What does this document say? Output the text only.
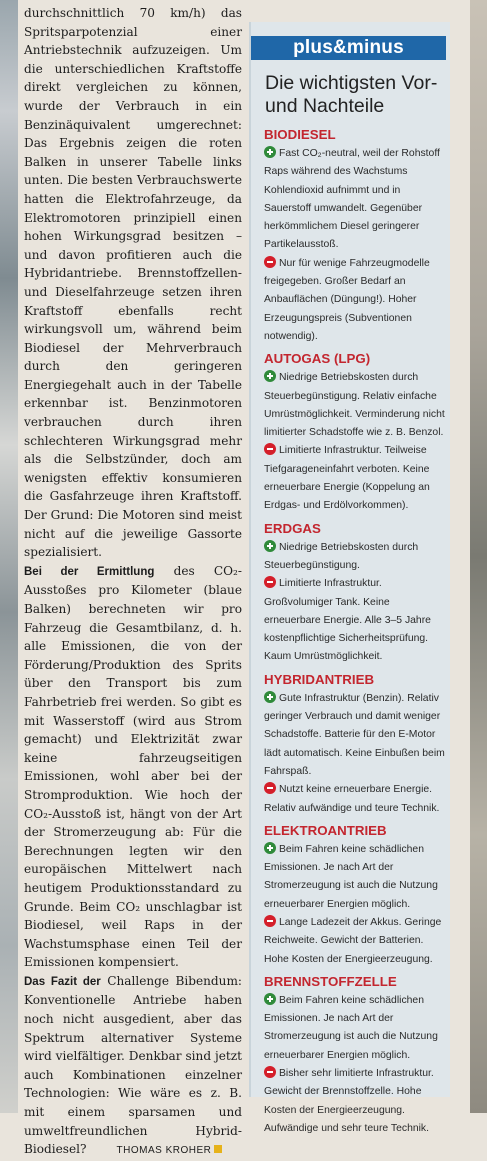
durchschnittlich 70 km/h) das Spritsparpotenzial einer Antriebstechnik aufzuzeigen. Um die unterschiedlichen Kraftstoffe direkt vergleichen zu können, wurde der Verbrauch in ein Benzinäquivalent umgerechnet: Das Ergebnis zeigen die roten Balken in unserer Tabelle links unten. Die besten Verbrauchswerte hatten die Elektrofahrzeuge, da Elektromotoren prinzipiell einen hohen Wirkungsgrad besitzen – und davon profitieren auch die Hybridantriebe. Brennstoffzellen- und Dieselfahrzeuge setzen ihren Kraftstoff ebenfalls recht wirkungsvoll um, während beim Biodiesel der Mehrverbrauch durch den geringeren Energiegehalt auch in der Tabelle erkennbar ist. Benzinmotoren verbrauchen durch ihren schlechteren Wirkungsgrad mehr als die Selbstzünder, doch am wenigsten effektiv konsumieren die Gasfahrzeuge ihren Kraftstoff. Der Grund: Die Motoren sind meist nicht auf die jeweilige Gassorte spezialisiert.

Bei der Ermittlung des CO₂-Ausstoßes pro Kilometer (blaue Balken) berechneten wir pro Fahrzeug die Gesamtbilanz, d. h. alle Emissionen, die von der Förderung/Produktion des Sprits über den Transport bis zum Fahrbetrieb frei werden. So gibt es mit Wasserstoff (wird aus Strom gemacht) und Elektrizität zwar keine fahrzeugseitigen Emissionen, wohl aber bei der Stromproduktion. Wie hoch der CO₂-Ausstoß ist, hängt von der Art der Stromerzeugung ab: Für die Berechnungen legten wir den europäischen Mittelwert nach heutigem Produktionsstandard zu Grunde. Beim CO₂ unschlagbar ist Biodiesel, weil Raps in der Wachstumsphase einen Teil der Emissionen kompensiert.

Das Fazit der Challenge Bibendum: Konventionelle Antriebe haben noch nicht ausgedient, aber das Spektrum alternativer Systeme wird vielfältiger. Denkbar sind jetzt auch Kombinationen einzelner Technologien: Wie wäre es z. B. mit einem sparsamen und umweltfreundlichen Hybrid-Biodiesel?	THOMAS KROHER

plus&minus
Die wichtigsten Vor- und Nachteile
BIODIESEL
Fast CO₂-neutral, weil der Rohstoff Raps während des Wachstums Kohlendioxid aufnimmt und in Sauerstoff umwandelt. Gegenüber herkömmlichem Diesel geringerer Partikelausstoß.
Nur für wenige Fahrzeugmodelle freigegeben. Großer Bedarf an Anbauflächen (Düngung!). Hoher Erzeugungspreis (Subventionen notwendig).
AUTOGAS (LPG)
Niedrige Betriebskosten durch Steuerbegünstigung. Relativ einfache Umrüstmöglichkeit. Verminderung nicht limitierter Schadstoffe wie z. B. Benzol.
Limitierte Infrastruktur. Teilweise Tiefgarageneinfahrt verboten. Keine erneuerbare Energie (Koppelung an Erdgas- und Erdölvorkommen).
ERDGAS
Niedrige Betriebskosten durch Steuerbegünstigung.
Limitierte Infrastruktur. Großvolumiger Tank. Keine erneuerbare Energie. Alle 3–5 Jahre kostenpflichtige Sicherheitsprüfung. Kaum Umrüstmöglichkeit.
HYBRIDANTRIEB
Gute Infrastruktur (Benzin). Relativ geringer Verbrauch und damit weniger Schadstoffe. Batterie für den E-Motor lädt automatisch. Keine Einbußen beim Fahrspaß.
Nutzt keine erneuerbare Energie. Relativ aufwändige und teure Technik.
ELEKTROANTRIEB
Beim Fahren keine schädlichen Emissionen. Je nach Art der Stromerzeugung ist auch die Nutzung erneuerbarer Energien möglich.
Lange Ladezeit der Akkus. Geringe Reichweite. Gewicht der Batterien. Hohe Kosten der Energieerzeugung.
BRENNSTOFFZELLE
Beim Fahren keine schädlichen Emissionen. Je nach Art der Stromerzeugung ist auch die Nutzung erneuerbarer Energien möglich.
Bisher sehr limitierte Infrastruktur. Gewicht der Brennstoffzelle. Hohe Kosten der Energieerzeugung. Aufwändige und sehr teure Technik.
